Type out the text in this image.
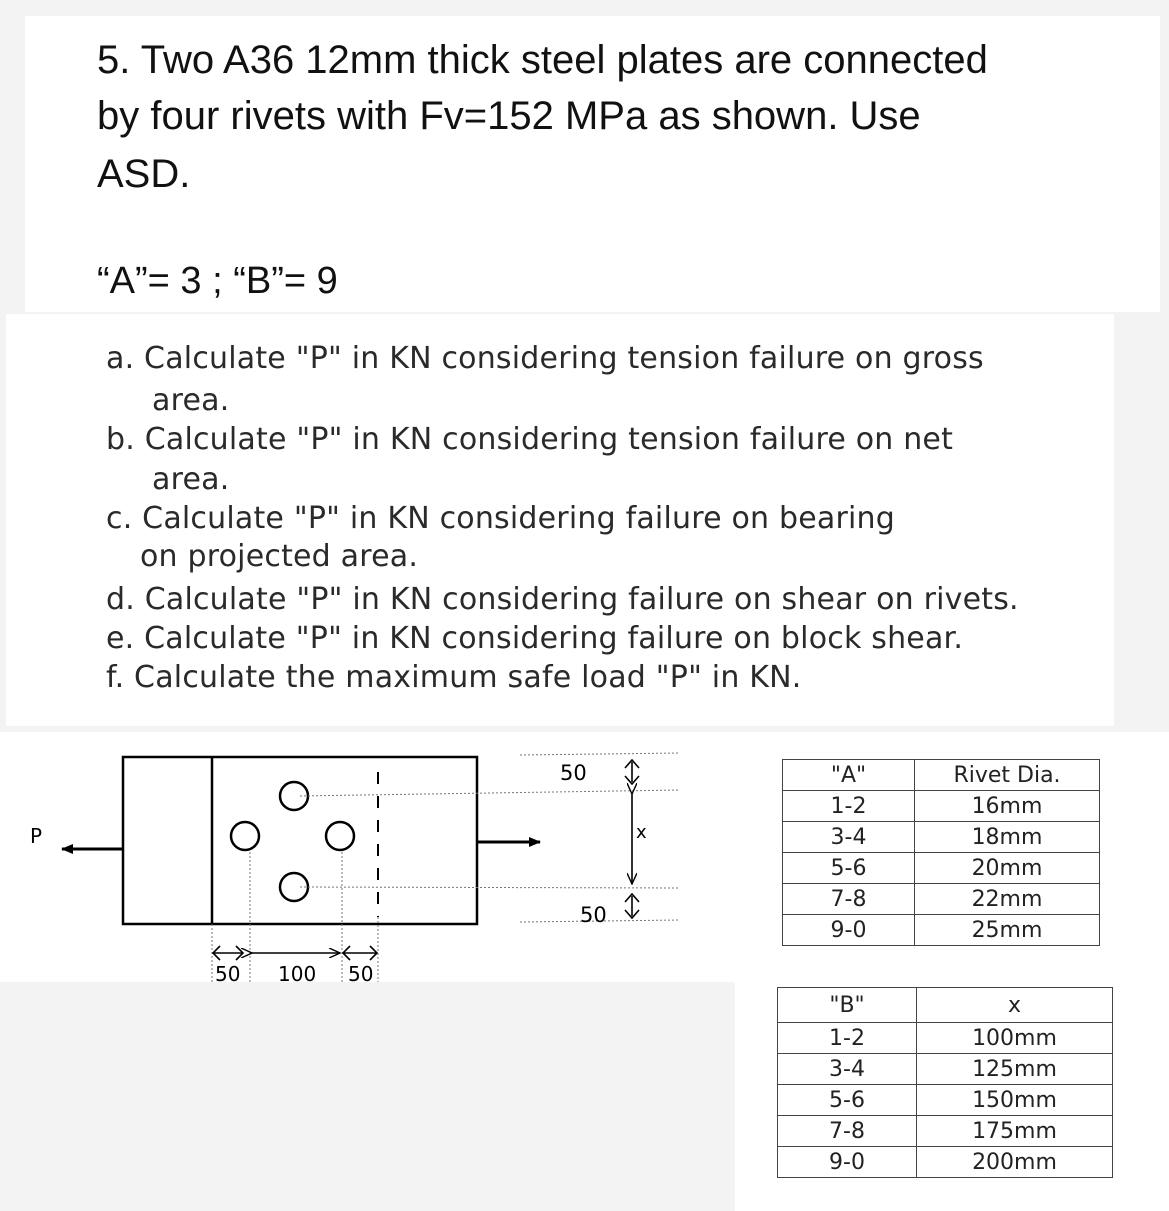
5. Two A36 12mm thick steel plates are connected
by four rivets with Fv=152 MPa as shown. Use
ASD.
“A”= 3 ; “B”= 9
a. Calculate "P" in KN considering tension failure on gross
area.
b. Calculate "P" in KN considering tension failure on net
area.
c. Calculate "P" in KN considering failure on bearing
on projected area.
d. Calculate "P" in KN considering failure on shear on rivets.
e. Calculate "P" in KN considering failure on block shear.
f. Calculate the maximum safe load "P" in KN.
P
50
x
50
50 100 50
"A"	Rivet Dia.
1-2	16mm
3-4	18mm
5-6	20mm
7-8	22mm
9-0	25mm
"B"	x
1-2	100mm
3-4	125mm
5-6	150mm
7-8	175mm
9-0	200mm
